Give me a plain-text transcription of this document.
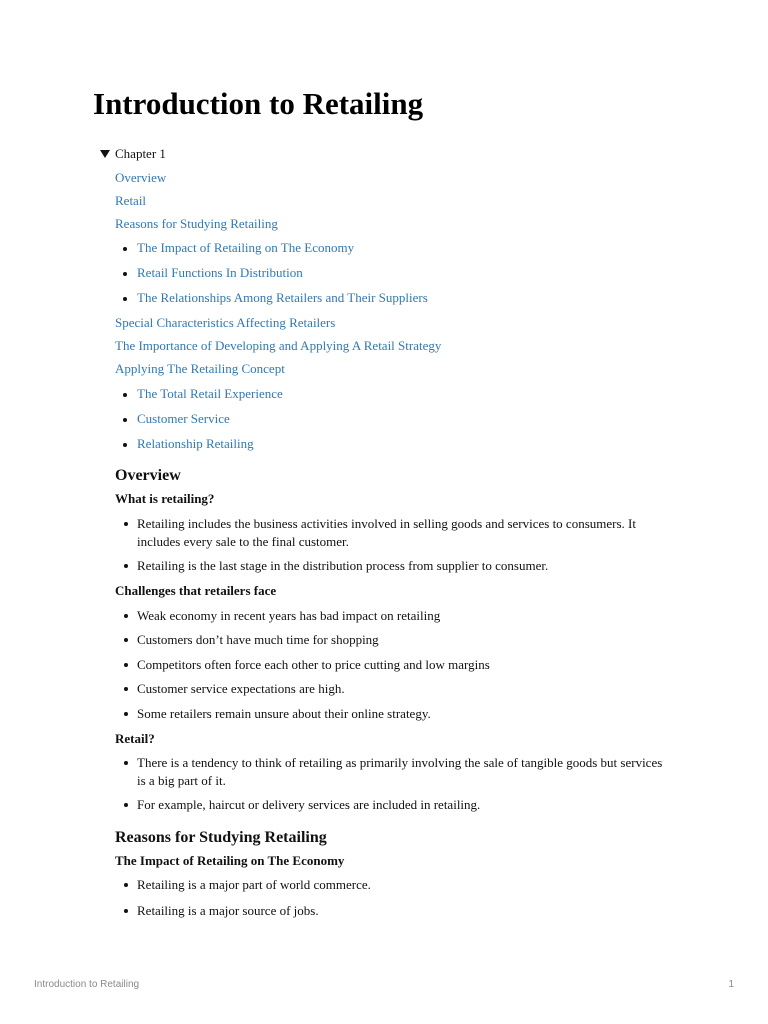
Introduction to Retailing
Chapter 1
Overview
Retail
Reasons for Studying Retailing
The Impact of Retailing on The Economy
Retail Functions In Distribution
The Relationships Among Retailers and Their Suppliers
Special Characteristics Affecting Retailers
The Importance of Developing and Applying A Retail Strategy
Applying The Retailing Concept
The Total Retail Experience
Customer Service
Relationship Retailing
Overview
What is retailing?
Retailing includes the business activities involved in selling goods and services to consumers. It includes every sale to the final customer.
Retailing is the last stage in the distribution process from supplier to consumer.
Challenges that retailers face
Weak economy in recent years has bad impact on retailing
Customers don’t have much time for shopping
Competitors often force each other to price cutting and low margins
Customer service expectations are high.
Some retailers remain unsure about their online strategy.
Retail?
There is a tendency to think of retailing as primarily involving the sale of tangible goods but services is a big part of it.
For example, haircut or delivery services are included in retailing.
Reasons for Studying Retailing
The Impact of Retailing on The Economy
Retailing is a major part of world commerce.
Retailing is a major source of jobs.
Introduction to Retailing	1
